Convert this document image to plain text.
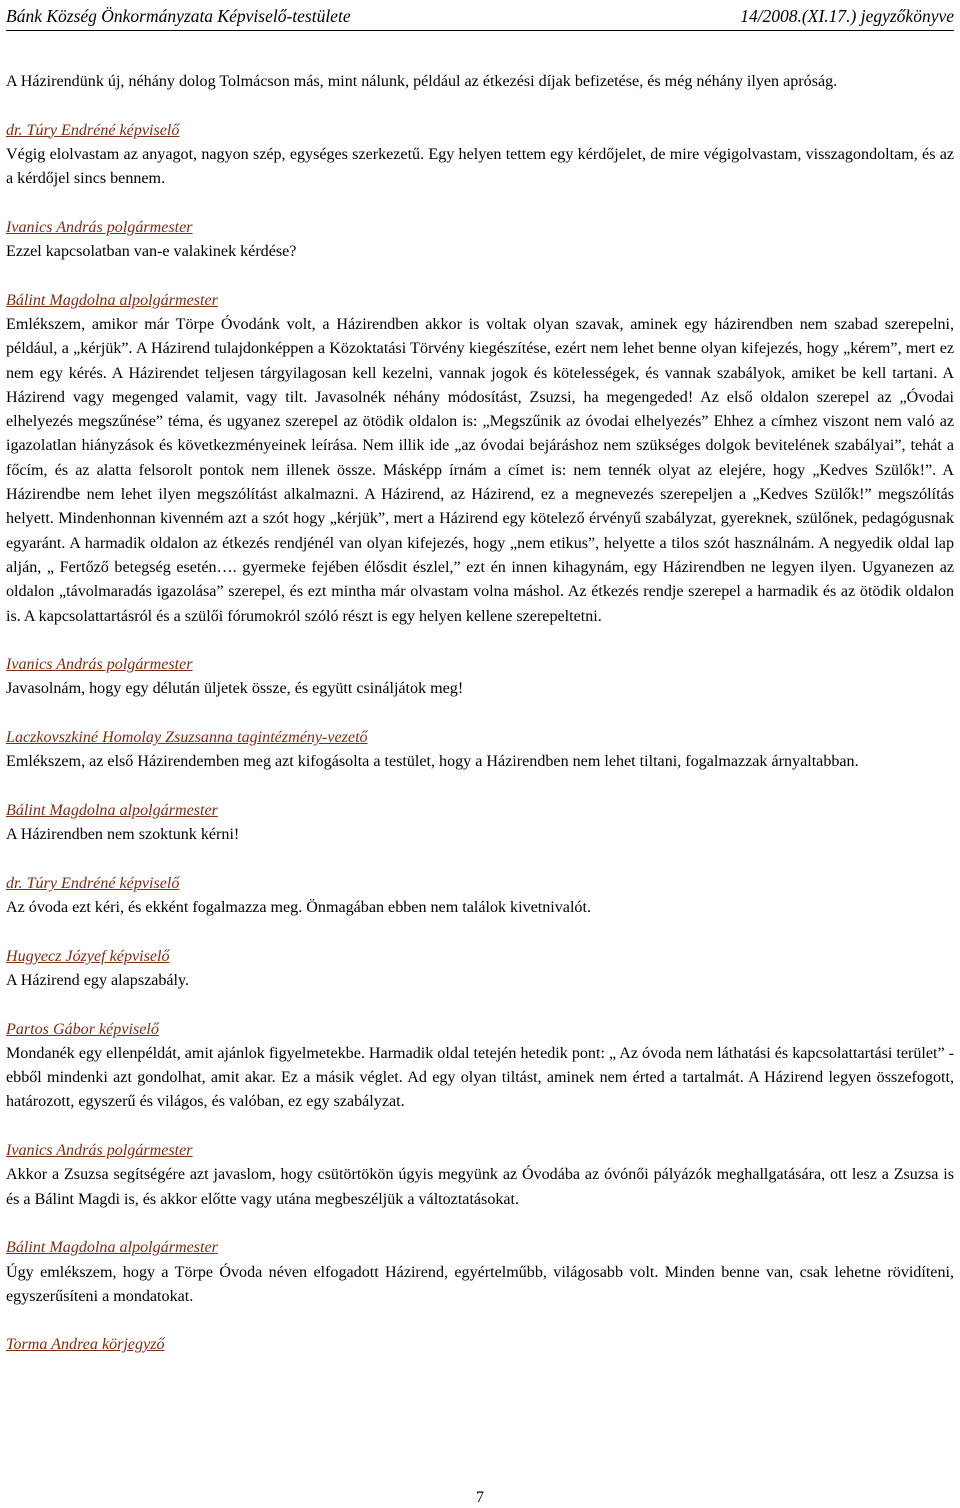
Bánk Község Önkormányzata Képviselő-testülete	14/2008.(XI.17.) jegyzőkönyve

A Házirendünk új, néhány dolog Tolmácson más, mint nálunk, például az étkezési díjak befizetése, és még néhány ilyen apróság.

dr. Túry Endréné képviselő

Végig elolvastam az anyagot, nagyon szép, egységes szerkezetű. Egy helyen tettem egy kérdőjelet, de mire végigolvastam, visszagondoltam, és az a kérdőjel sincs bennem.

Ivanics András polgármester

Ezzel kapcsolatban van-e valakinek kérdése?

Bálint Magdolna alpolgármester

Emlékszem, amikor már Törpe Óvodánk volt, a Házirendben akkor is voltak olyan szavak, aminek egy házirendben nem szabad szerepelni, például, a „kérjük”. A Házirend tulajdonképpen a Közoktatási Törvény kiegészítése, ezért nem lehet benne olyan kifejezés, hogy „kérem”, mert ez nem egy kérés. A Házirendet teljesen tárgyilagosan kell kezelni, vannak jogok és kötelességek, és vannak szabályok, amiket be kell tartani. A Házirend vagy megenged valamit, vagy tilt. Javasolnék néhány módosítást, Zsuzsi, ha megengeded! Az első oldalon szerepel az „Óvodai elhelyezés megszűnése” téma, és ugyanez szerepel az ötödik oldalon is: „Megszűnik az óvodai elhelyezés” Ehhez a címhez viszont nem való az igazolatlan hiányzások és következményeinek leírása. Nem illik ide „az óvodai bejáráshoz nem szükséges dolgok bevitelének szabályai”, tehát a főcím, és az alatta felsorolt pontok nem illenek össze. Másképp írnám a címet is: nem tennék olyat az elejére, hogy „Kedves Szülők!”. A Házirendbe nem lehet ilyen megszólítást alkalmazni. A Házirend, az Házirend, ez a megnevezés szerepeljen a „Kedves Szülők!” megszólítás helyett. Mindenhonnan kivenném azt a szót hogy „kérjük”, mert a Házirend egy kötelező érvényű szabályzat, gyereknek, szülőnek, pedagógusnak egyaránt. A harmadik oldalon az étkezés rendjénél van olyan kifejezés, hogy „nem etikus”, helyette a tilos szót használnám. A negyedik oldal lap alján, „ Fertőző betegség esetén…. gyermeke fejében élősdit észlel,” ezt én innen kihagynám, egy Házirendben ne legyen ilyen. Ugyanezen az oldalon „távolmaradás igazolása” szerepel, és ezt mintha már olvastam volna máshol. Az étkezés rendje szerepel a harmadik és az ötödik oldalon is. A kapcsolattartásról és a szülői fórumokról szóló részt is egy helyen kellene szerepeltetni.

Ivanics András polgármester

Javasolnám, hogy egy délután üljetek össze, és együtt csináljátok meg!

Laczkovszkiné Homolay Zsuzsanna tagintézmény-vezető

Emlékszem, az első Házirendemben meg azt kifogásolta a testület, hogy a Házirendben nem lehet tiltani, fogalmazzak árnyaltabban.

Bálint Magdolna alpolgármester

A Házirendben nem szoktunk kérni!

dr. Túry Endréné képviselő

Az óvoda ezt kéri, és ekként fogalmazza meg. Önmagában ebben nem találok kivetnivalót.

Hugyecz Józyef képviselő

A Házirend egy alapszabály.

Partos Gábor képviselő

Mondanék egy ellenpéldát, amit ajánlok figyelmetekbe. Harmadik oldal tetején hetedik pont: „ Az óvoda nem láthatási és kapcsolattartási terület” - ebből mindenki azt gondolhat, amit akar. Ez a másik véglet. Ad egy olyan tiltást, aminek nem érted a tartalmát. A Házirend legyen összefogott, határozott, egyszerű és világos, és valóban, ez egy szabályzat.

Ivanics András polgármester

Akkor a Zsuzsa segítségére azt javaslom, hogy csütörtökön úgyis megyünk az Óvodába az óvónői pályázók meghallgatására, ott lesz a Zsuzsa is és a Bálint Magdi is, és akkor előtte vagy utána megbeszéljük a változtatásokat.

Bálint Magdolna alpolgármester

Úgy emlékszem, hogy a Törpe Óvoda néven elfogadott Házirend, egyértelműbb, világosabb volt. Minden benne van, csak lehetne rövidíteni, egyszerűsíteni a mondatokat.

Torma Andrea körjegyző

7
